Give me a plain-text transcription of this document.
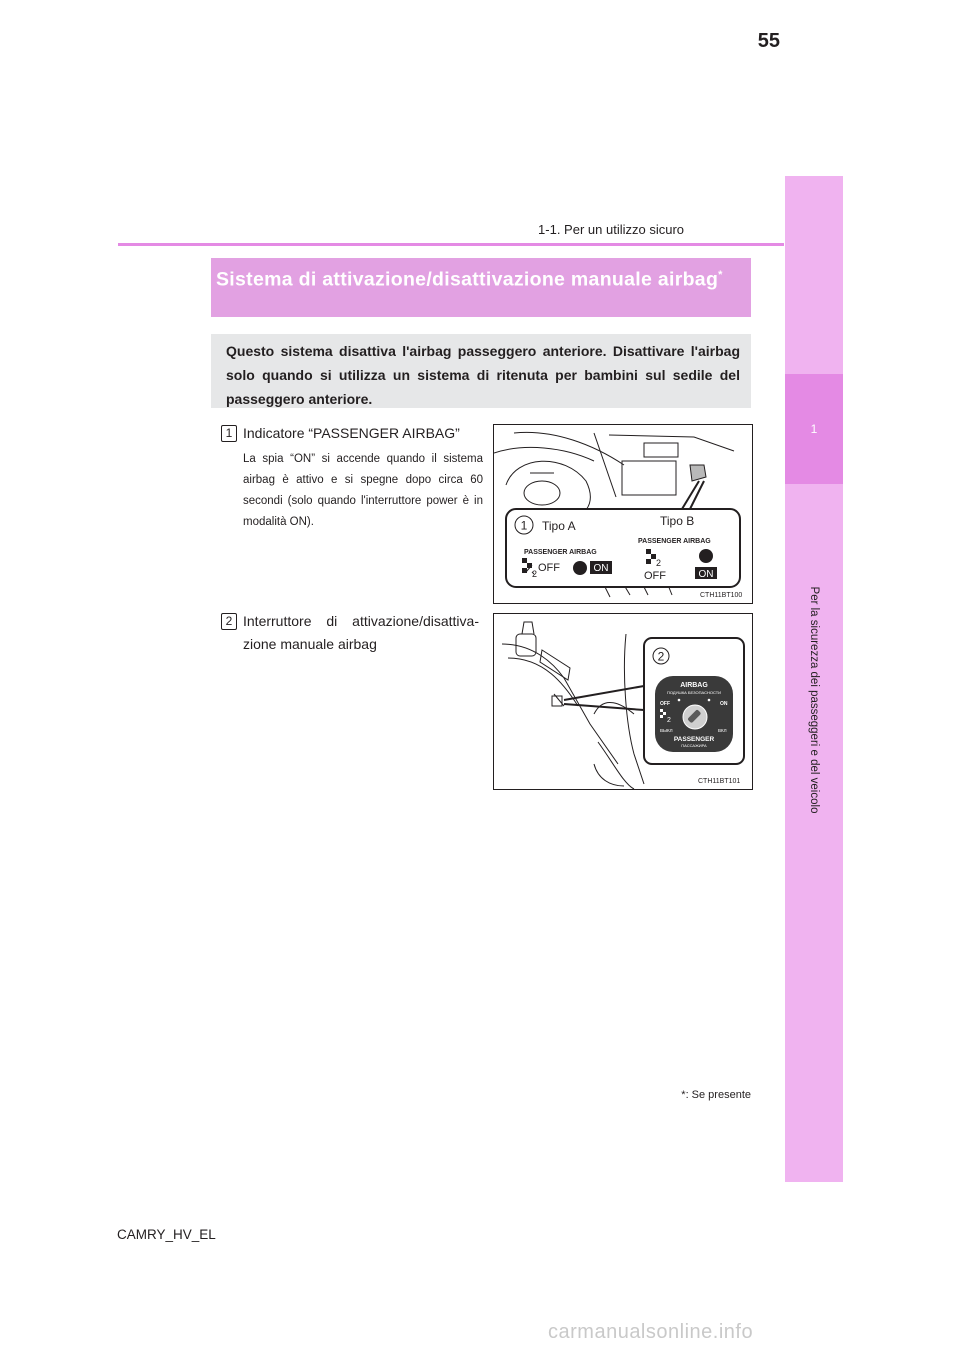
1
Per la sicurezza dei passeggeri e del veicolo
55
1-1. Per un utilizzo sicuro
Sistema di attivazione/disattivazione manuale airbag*
Questo sistema disattiva l'airbag passeggero anteriore. Disattivare l'airbag solo quando si utilizza un sistema di ritenuta per bambini sul sedile del passeggero anteriore.
1 Indicatore “PASSENGER AIRBAG”
La spia “ON” si accende quando il sistema airbag è attivo e si spegne dopo circa 60 secondi (solo quando l'interruttore power è in modalità ON).
2 Interruttore di attivazione/disattiva- zione manuale airbag
1 Tipo A	Tipo B
PASSENGER AIRBAG
PASSENGER AIRBAG
2 OFF	ON	2
OFF	ON
CTH11BT100
2
AIRBAG
ПОДУШКА БЕЗОПАСНОСТИ
OFF	ON
2
ВЫКЛ	ВКЛ
PASSENGER
ПАССАЖИРА
CTH11BT101
*: Se presente
CAMRY_HV_EL
carmanualsonline.info
